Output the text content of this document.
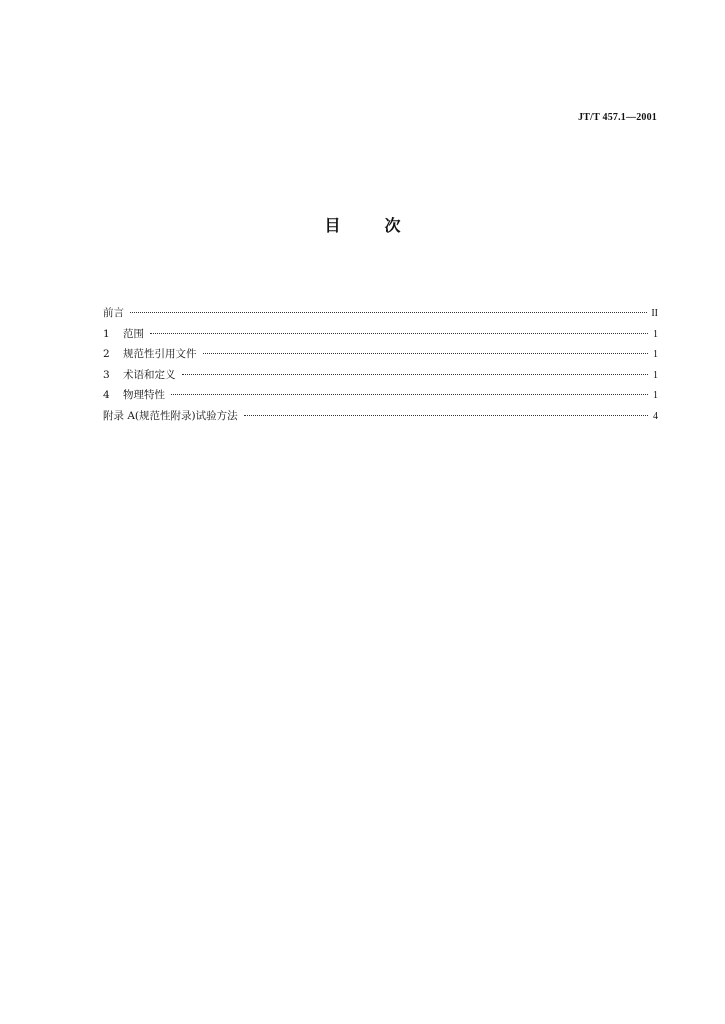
JT/T 457.1—2001
目次
前言	II
1	范围	1
2	规范性引用文件	1
3	术语和定义	1
4	物理特性	1
附录 A(规范性附录)试验方法	4
